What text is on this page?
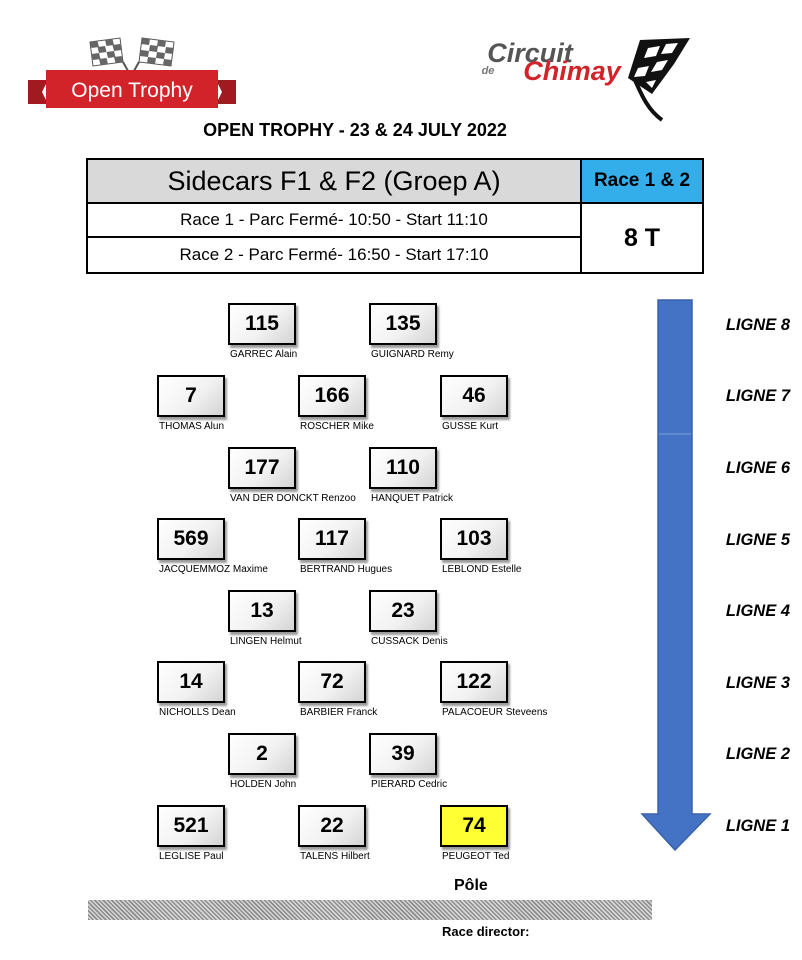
Open Trophy
Circuit
de Chimay
OPEN TROPHY - 23 & 24 JULY 2022
Sidecars F1 & F2 (Groep A)	Race 1 & 2
Race 1 - Parc Fermé- 10:50 - Start 11:10
Race 2 - Parc Fermé- 16:50 - Start 17:10
8 T
115
GARREC Alain
135
GUIGNARD Remy
7
THOMAS Alun
166
ROSCHER Mike
46
GUSSE Kurt
177
VAN DER DONCKT Renzoo
110
HANQUET Patrick
569
JACQUEMMOZ Maxime
117
BERTRAND Hugues
103
LEBLOND Estelle
13
LINGEN Helmut
23
CUSSACK Denis
14
NICHOLLS Dean
72
BARBIER Franck
122
PALACOEUR Steveens
2
HOLDEN John
39
PIERARD Cedric
521
LEGLISE Paul
22
TALENS Hilbert
74
PEUGEOT Ted
LIGNE 8
LIGNE 7
LIGNE 6
LIGNE 5
LIGNE 4
LIGNE 3
LIGNE 2
LIGNE 1
Pôle
Race director:
